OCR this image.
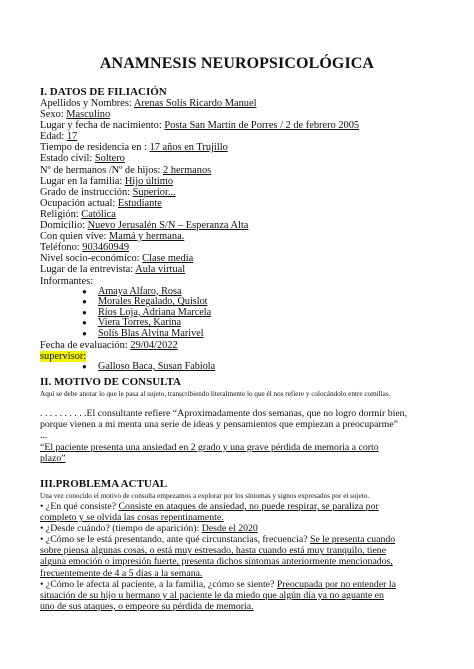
ANAMNESIS NEUROPSICOLÓGICA
I. DATOS DE FILIACIÓN
Apellidos y Nombres: Arenas Solís Ricardo Manuel
Sexo: Masculino
Lugar y fecha de nacimiento: Posta San Martín de Porres / 2 de febrero 2005
Edad: 17
Tiempo de residencia en : 17 años en Trujillo
Estado civil: Soltero
Nº de hermanos /Nº de hijos: 2 hermanos
Lugar en la familia: Hijo último
Grado de instrucción: Superior...
Ocupación actual: Estudiante
Religión: Católica
Domicilio: Nuevo Jerusalén S/N – Esperanza Alta
Con quien vive: Mamá y hermana.
Teléfono: 903460949
Nivel socio-económico: Clase media
Lugar de la entrevista: Aula virtual
Informantes:
● Amaya Alfaro, Rosa
● Morales Regalado, Quislot
● Ríos Loja, Adriana Marcela
● Viera Torres, Karina
● Solís Blas Alvina Marivel
Fecha de evaluación: 29/04/2022
supervisor:
● Galloso Baca, Susan Fabiola
II. MOTIVO DE CONSULTA
Aquí se debe anotar lo que le pasa al sujeto, transcribiendo literalmente lo que él nos refiere y colocándolo entre comillas.
. . . . . . . . . .El consultante refiere “Aproximadamente dos semanas, que no logro dormir bien,
porque vienen a mi menta una serie de ideas y pensamientos que empiezan a preocuparme”
...
“El paciente presenta una ansiedad en 2 grado y una grave pérdida de memoria a corto
plazo”
III.PROBLEMA ACTUAL
Una vez conocido el motivo de consulta empezamos a explorar por los síntomas y signos expresados por el sujeto.
• ¿En qué consiste? Consiste en ataques de ansiedad, no puede respirar, se paraliza por
completo y se olvida las cosas repentinamente.
• ¿Desde cuándo? (tiempo de aparición): Desde el 2020
• ¿Cómo se le está presentando, ante qué circunstancias, frecuencia? Se le presenta cuando
sobre piensa algunas cosas, o está muy estresado, hasta cuando está muy tranquilo, tiene
alguna emoción o impresión fuerte, presenta dichos síntomas anteriormente mencionados,
frecuentemente de 4 a 5 días a la semana.
• ¿Cómo le afecta al paciente, a la familia, ¿cómo se siente? Preocupada por no entender la
situación de su hijo u hermano y al paciente le da miedo que algún día ya no aguante en
uno de sus ataques, o empeore su pérdida de memoria.
